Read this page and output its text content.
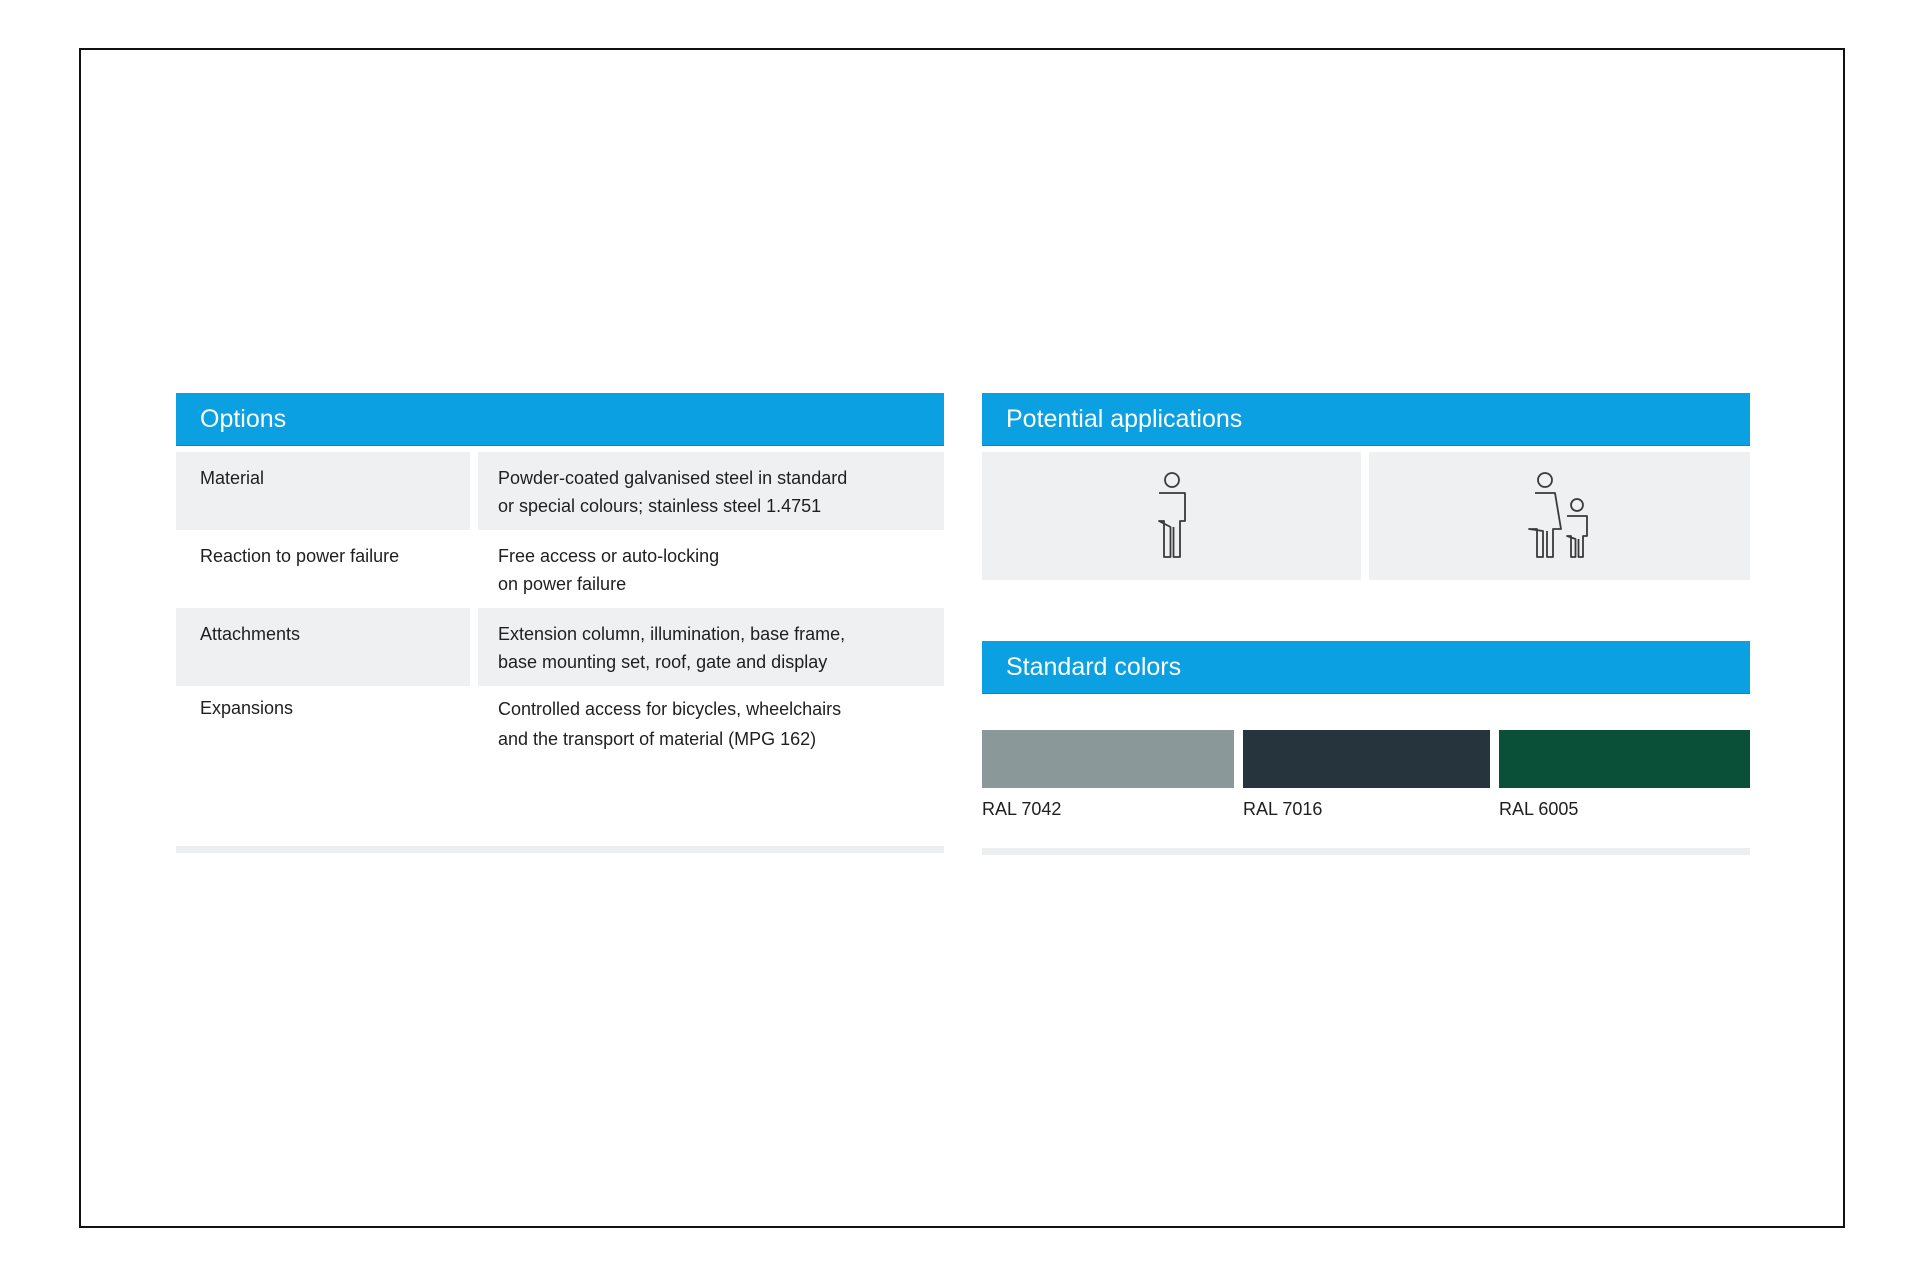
Options
Material	Powder-coated galvanised steel in standard
or special colours; stainless steel 1.4751
Reaction to power failure	Free access or auto-locking
on power failure
Attachments	Extension column, illumination, base frame,
base mounting set, roof, gate and display
Expansions	Controlled access for bicycles, wheelchairs
and the transport of material (MPG 162)
Potential applications
Standard colors
RAL 7042	RAL 7016	RAL 6005
